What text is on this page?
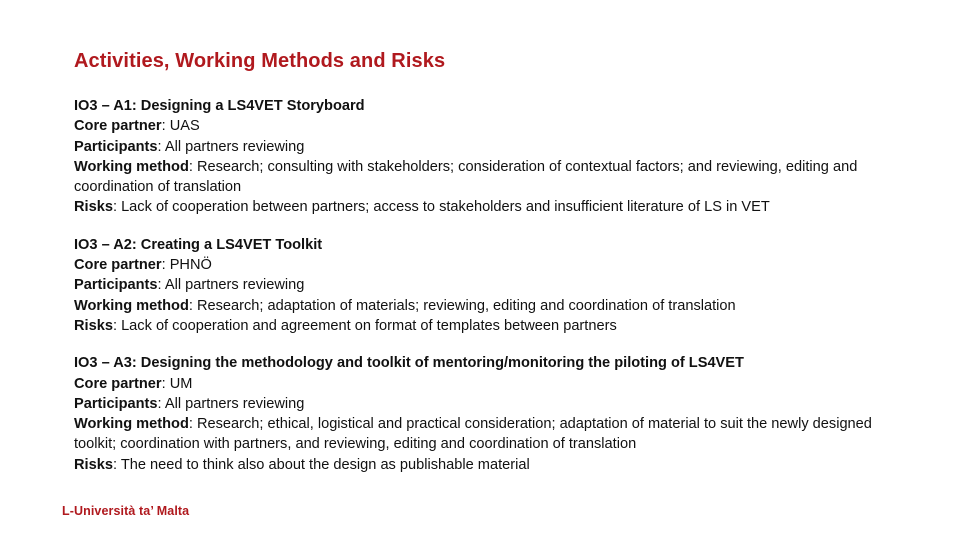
Activities, Working Methods and Risks
IO3 – A1: Designing a LS4VET Storyboard
Core partner: UAS
Participants: All partners reviewing
Working method: Research; consulting with stakeholders; consideration of contextual factors; and reviewing, editing and coordination of translation
Risks: Lack of cooperation between partners; access to stakeholders and insufficient literature of LS in VET
IO3 – A2: Creating a LS4VET Toolkit
Core partner: PHNÖ
Participants: All partners reviewing
Working method: Research; adaptation of materials; reviewing, editing and coordination of translation
Risks: Lack of cooperation and agreement on format of templates between partners
IO3 – A3: Designing the methodology and toolkit of mentoring/monitoring the piloting of LS4VET
Core partner: UM
Participants: All partners reviewing
Working method: Research; ethical, logistical and practical consideration; adaptation of material to suit the newly designed toolkit; coordination with partners, and reviewing, editing and coordination of translation
Risks: The need to think also about the design as publishable material
L-Università ta’ Malta
